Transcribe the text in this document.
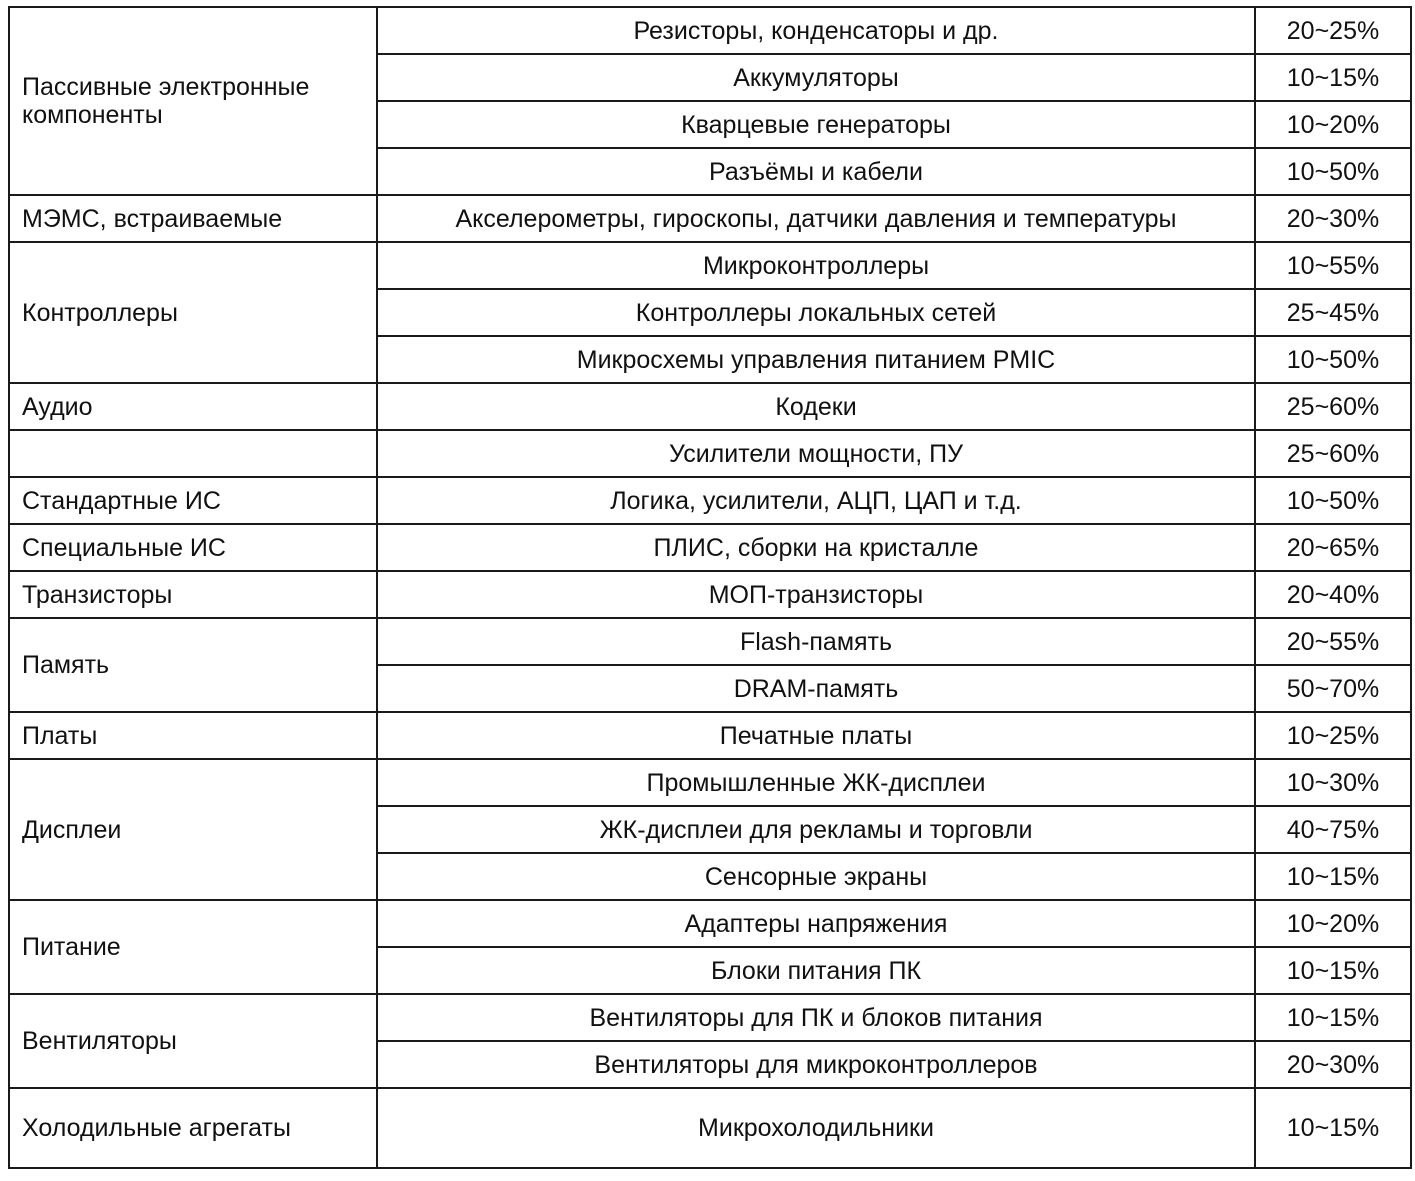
Пассивные электронные компоненты	Резисторы, конденсаторы и др.	20~25%
	Аккумуляторы	10~15%
	Кварцевые генераторы	10~20%
	Разъёмы и кабели	10~50%
МЭМС, встраиваемые	Акселерометры, гироскопы, датчики давления и температуры	20~30%
Контроллеры	Микроконтроллеры	10~55%
	Контроллеры локальных сетей	25~45%
	Микросхемы управления питанием PMIC	10~50%
Аудио	Кодеки	25~60%
	Усилители мощности, ПУ	25~60%
Стандартные ИС	Логика, усилители, АЦП, ЦАП и т.д.	10~50%
Специальные ИС	ПЛИС, сборки на кристалле	20~65%
Транзисторы	МОП-транзисторы	20~40%
Память	Flash-память	20~55%
	DRAM-память	50~70%
Платы	Печатные платы	10~25%
Дисплеи	Промышленные ЖК-дисплеи	10~30%
	ЖК-дисплеи для рекламы и торговли	40~75%
	Сенсорные экраны	10~15%
Питание	Адаптеры напряжения	10~20%
	Блоки питания ПК	10~15%
Вентиляторы	Вентиляторы для ПК и блоков питания	10~15%
	Вентиляторы для микроконтроллеров	20~30%
Холодильные агрегаты	Микрохолодильники	10~15%
